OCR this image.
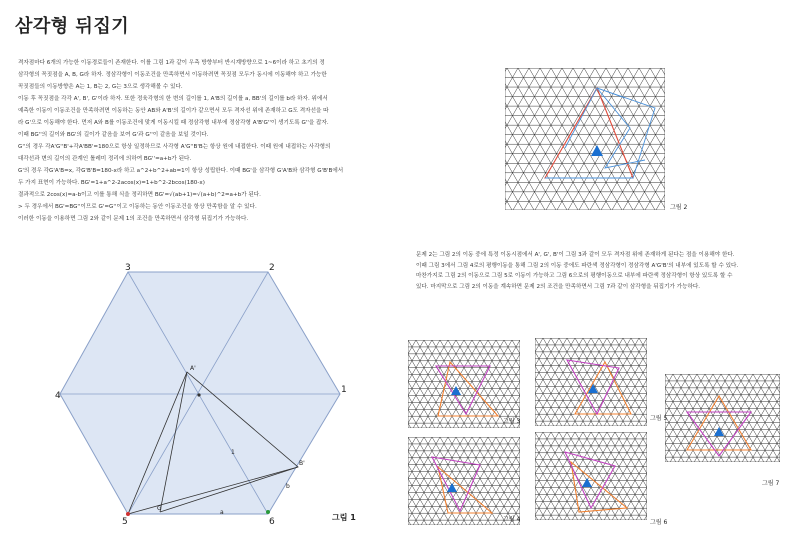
삼각형 뒤집기

격자점마다 6개의 가능한 이동경로들이 존재한다. 이를 그림 1과 같이 우측 방향부터 반시계방향으로 1~6이라 하고 초기의 정

삼각형의 꼭짓점을 A, B, G라 하자. 정삼각형이 이동조건을 만족하면서 이동하려면 꼭짓점 모두가 동시에 이동해야 하고 가능한

꼭짓점들의 이동방향은 A는 1, B는 2, G는 3으로 생각해볼 수 있다.

이동 후 꼭짓점을 각각 A', B', G'이라 하자. 또한 정육각형의 한 변의 길이를 1, A'B의 길이를 a, BB'의 길이를 b라 하자. 위에서

예측한 이동이 이동조건을 만족하려면 이동하는 동안 AB와 A'B'의 길이가 같으면서 모두 격자선 위에 존재하고 G도 격자선을 따

라 G'으로 이동해야 한다. 먼저 A와 B를 이동조건에 맞게 이동시킬 때 정삼각형 내부에 정삼각형 A'B'G''이 생기도록 G''을 잡자.

이때 BG''의 길이와 BG'의 길이가 같음을 보여 G'과 G''이 같음을 보일 것이다.

G''의 경우 각A'G''B'+각A'BB'=180으로 항상 일정하므로 사각형 A'G''B'B는 항상 원에 내접한다. 이때 원에 내접하는 사각형의

대각선과 변의 길이의 관계인 톨레미 정리에 의하여 BG''=a+b가 된다.

G'의 경우 각G'A'B=x, 각G'B'B=180-x라 하고 a^2+b^2+ab=1이 항상 성립한다. 이때 BG'을 삼각형 G'A'B와 삼각형 G'B'B에서

두 가지 표현이 가능하다. BG'=1+a^2-2acos(x)=1+b^2-2bcos(180-x)

결과적으로 2cos(x)=a-b이고 이를 통해 식을 정리하면 BG'=√(ab+1)=√(a+b)^2=a+b가 된다.

> 두 경우에서 BG'=BG''이므로 G'=G''이고 이동하는 동안 이동조건을 항상 만족함을 알 수 있다.

이러한 이동을 이용하면 그림 2와 같이 문제 1의 조건을 만족하면서 삼각형 뒤집기가 가능하다.

문제 2는 그림 2의 이동 중에 특정 이동시점에서 A', G', B'이 그림 3과 같이 모두 격자점 위에 존재하게 된다는 점을 이용해야 한다.

이때 그림 3에서 그림 4로의 평행이동을 통해 그림 2의 이동 중에도 파란색 정삼각형이 정삼각형 A'G'B'의 내부에 있도록 할 수 있다.

마찬가지로 그림 2의 이동으로 그림 5로 이동이 가능하고 그림 6으로의 평행이동으로 내부에 파란색 정삼각형이 항상 있도록 할 수

있다. 마지막으로 그림 2의 이동을 계속하면 문제 2의 조건을 만족하면서 그림 7과 같이 삼각형을 뒤집기가 가능하다.

3	2
1
4
5	6
B'
A'
a
b
1
G
그림 1
그림 2
그림 3
그림 4
그림 5
그림 6
그림 7
